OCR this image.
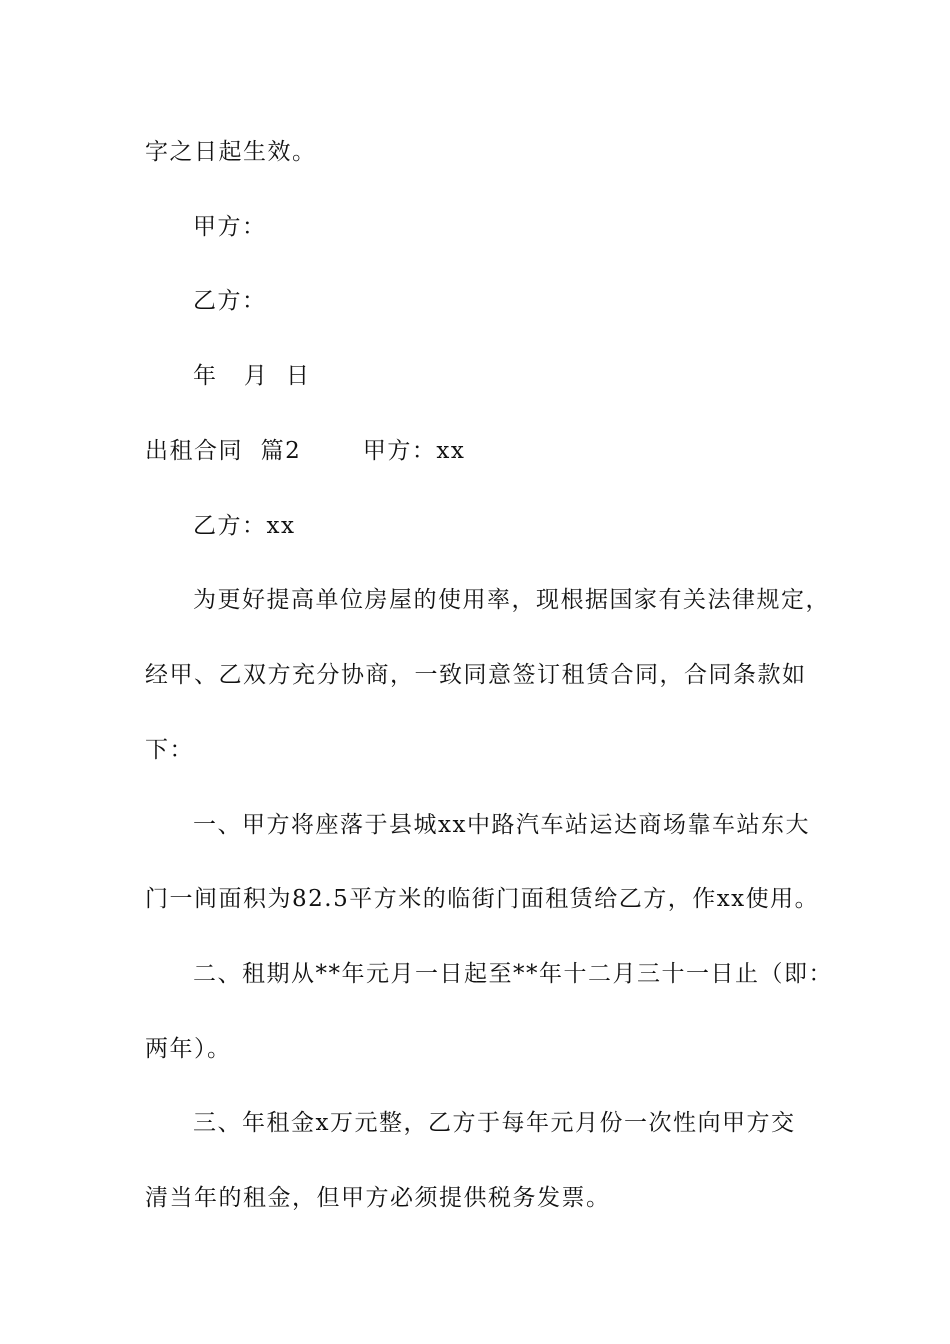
字之日起生效。
甲方：
乙方：
年   月  日
出租合同  篇2       甲方：xx
乙方：xx
为更好提高单位房屋的使用率，现根据国家有关法律规定，
经甲、乙双方充分协商，一致同意签订租赁合同，合同条款如
下：
一、甲方将座落于县城xx中路汽车站运达商场靠车站东大
门一间面积为82.5平方米的临街门面租赁给乙方，作xx使用。
二、租期从**年元月一日起至**年十二月三十一日止（即：
两年）。
三、年租金x万元整，乙方于每年元月份一次性向甲方交
清当年的租金，但甲方必须提供税务发票。
